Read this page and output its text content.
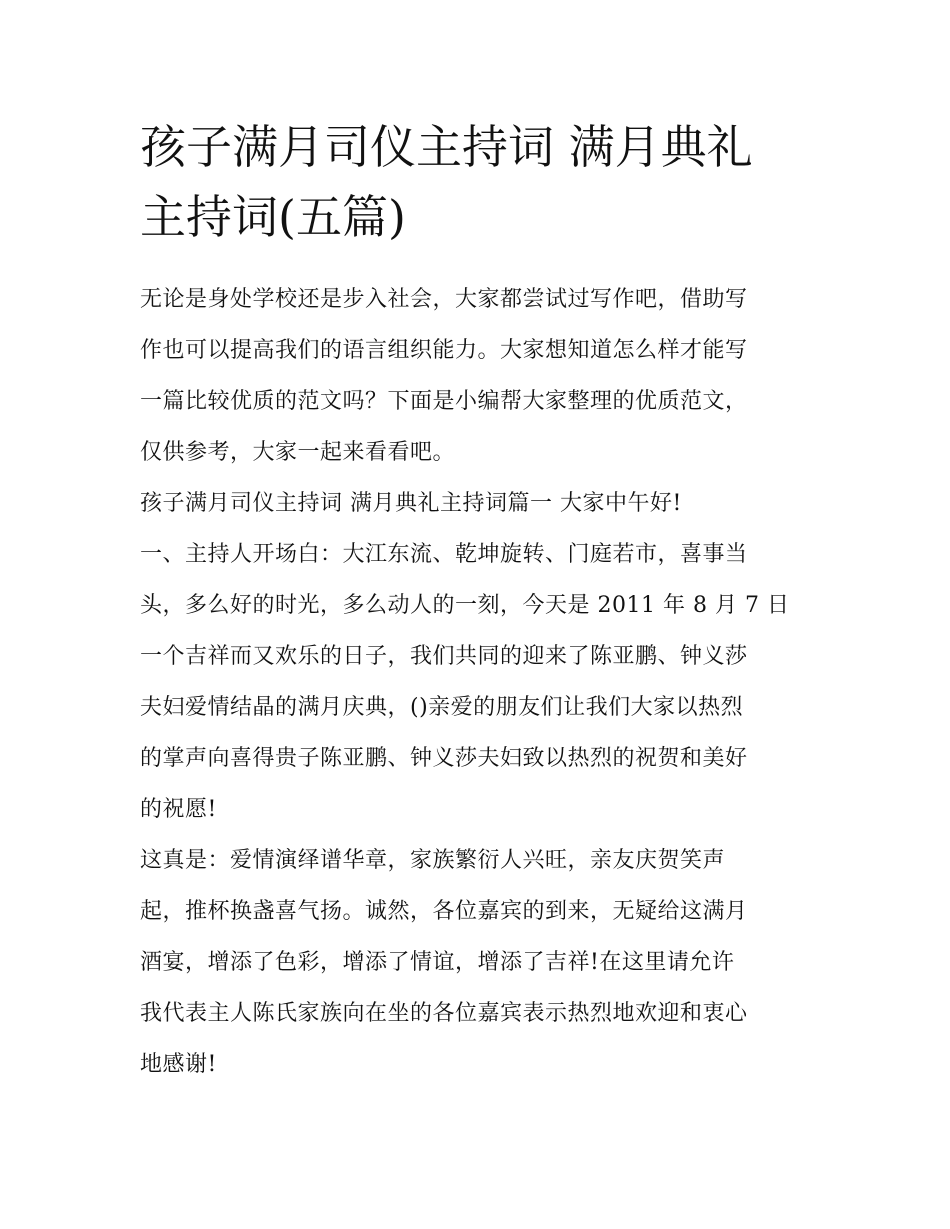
孩子满月司仪主持词 满月典礼
主持词(五篇)
无论是身处学校还是步入社会，大家都尝试过写作吧，借助写
作也可以提高我们的语言组织能力。大家想知道怎么样才能写
一篇比较优质的范文吗？下面是小编帮大家整理的优质范文，
仅供参考，大家一起来看看吧。
孩子满月司仪主持词 满月典礼主持词篇一 大家中午好!
一、主持人开场白：大江东流、乾坤旋转、门庭若市，喜事当
头，多么好的时光，多么动人的一刻，今天是 2011 年 8 月 7 日
一个吉祥而又欢乐的日子，我们共同的迎来了陈亚鹏、钟义莎
夫妇爱情结晶的满月庆典，()亲爱的朋友们让我们大家以热烈
的掌声向喜得贵子陈亚鹏、钟义莎夫妇致以热烈的祝贺和美好
的祝愿!
这真是：爱情演绎谱华章，家族繁衍人兴旺，亲友庆贺笑声
起，推杯换盏喜气扬。诚然，各位嘉宾的到来，无疑给这满月
酒宴，增添了色彩，增添了情谊，增添了吉祥!在这里请允许
我代表主人陈氏家族向在坐的各位嘉宾表示热烈地欢迎和衷心
地感谢!
